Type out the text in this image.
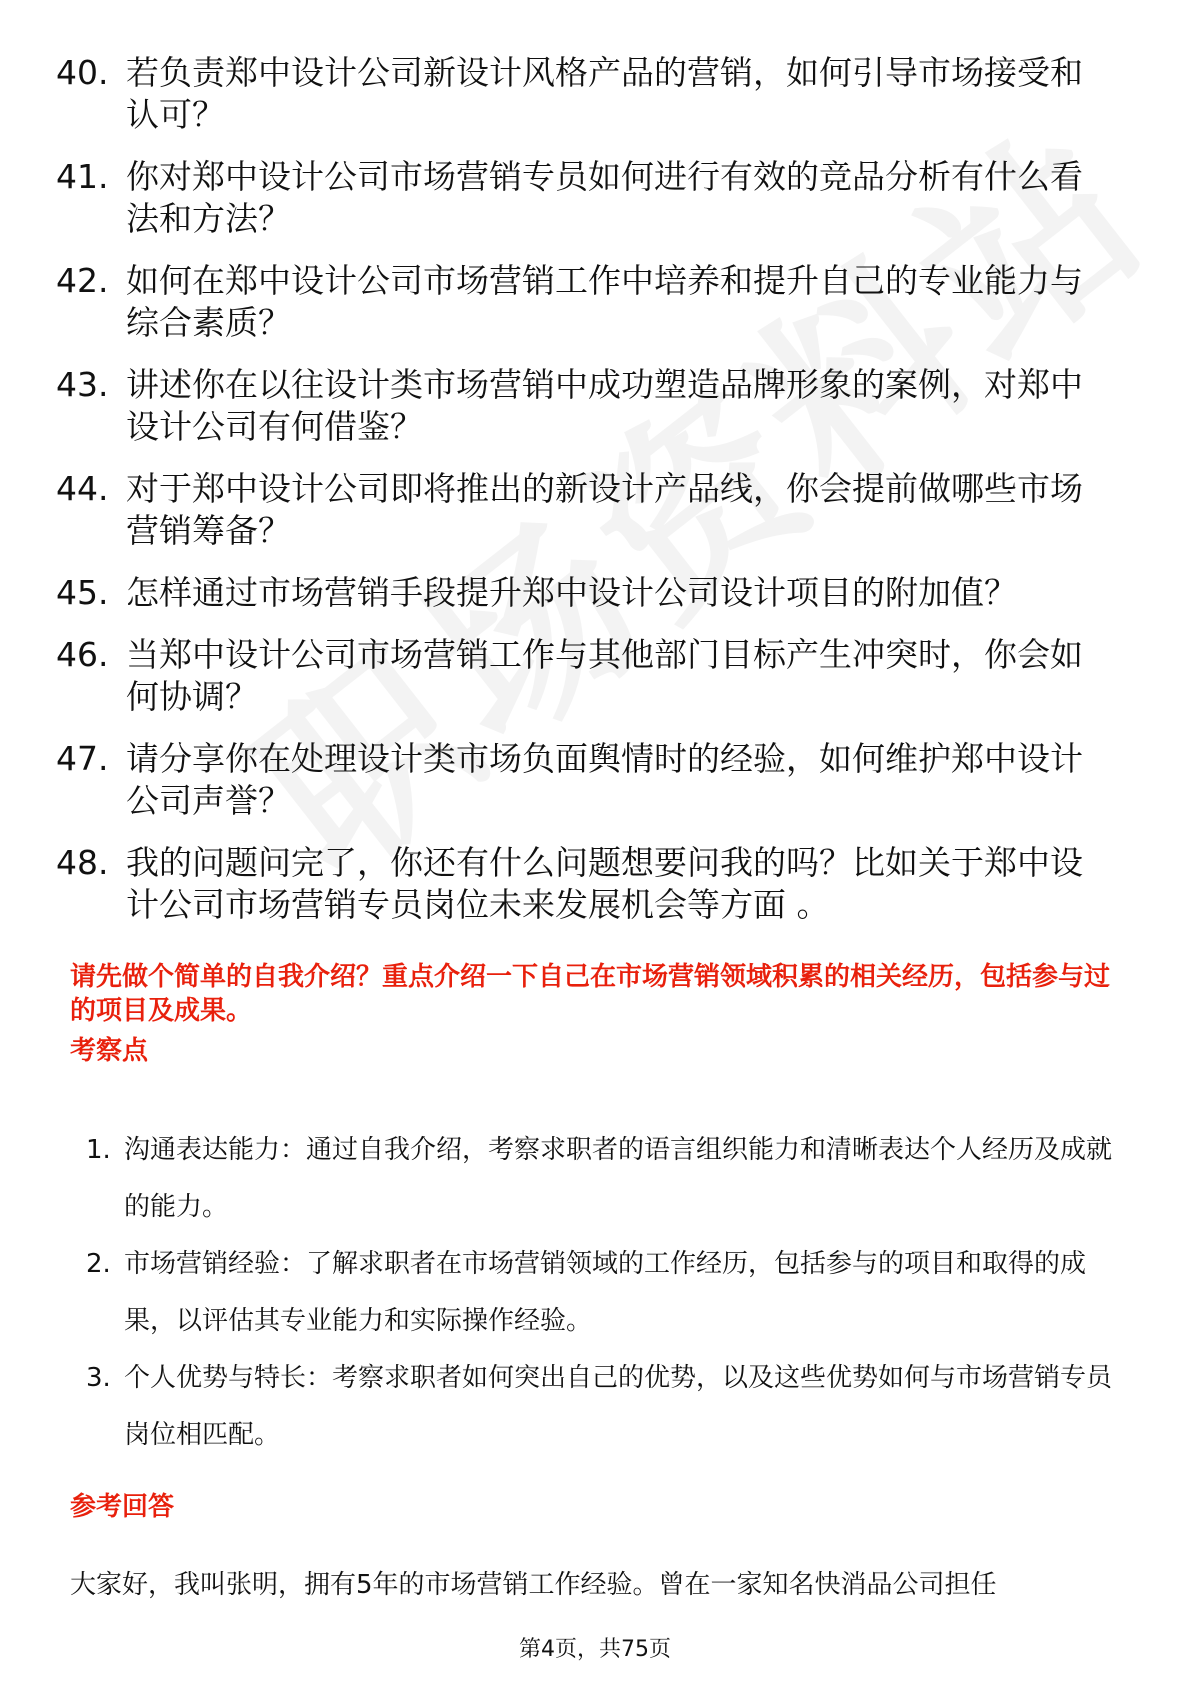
40. 若负责郑中设计公司新设计风格产品的营销，如何引导市场接受和认可？
41. 你对郑中设计公司市场营销专员如何进行有效的竞品分析有什么看法和方法？
42. 如何在郑中设计公司市场营销工作中培养和提升自己的专业能力与综合素质？
43. 讲述你在以往设计类市场营销中成功塑造品牌形象的案例，对郑中设计公司有何借鉴？
44. 对于郑中设计公司即将推出的新设计产品线，你会提前做哪些市场营销筹备？
45. 怎样通过市场营销手段提升郑中设计公司设计项目的附加值？
46. 当郑中设计公司市场营销工作与其他部门目标产生冲突时，你会如何协调？
47. 请分享你在处理设计类市场负面舆情时的经验，如何维护郑中设计公司声誉？
48. 我的问题问完了，你还有什么问题想要问我的吗？比如关于郑中设计公司市场营销专员岗位未来发展机会等方面 。
请先做个简单的自我介绍？重点介绍一下自己在市场营销领域积累的相关经历，包括参与过的项目及成果。
考察点
1. 沟通表达能力：通过自我介绍，考察求职者的语言组织能力和清晰表达个人经历及成就的能力。
2. 市场营销经验：了解求职者在市场营销领域的工作经历，包括参与的项目和取得的成果，以评估其专业能力和实际操作经验。
3. 个人优势与特长：考察求职者如何突出自己的优势，以及这些优势如何与市场营销专员岗位相匹配。
参考回答
大家好，我叫张明，拥有5年的市场营销工作经验。曾在一家知名快消品公司担任
第4页，共75页
